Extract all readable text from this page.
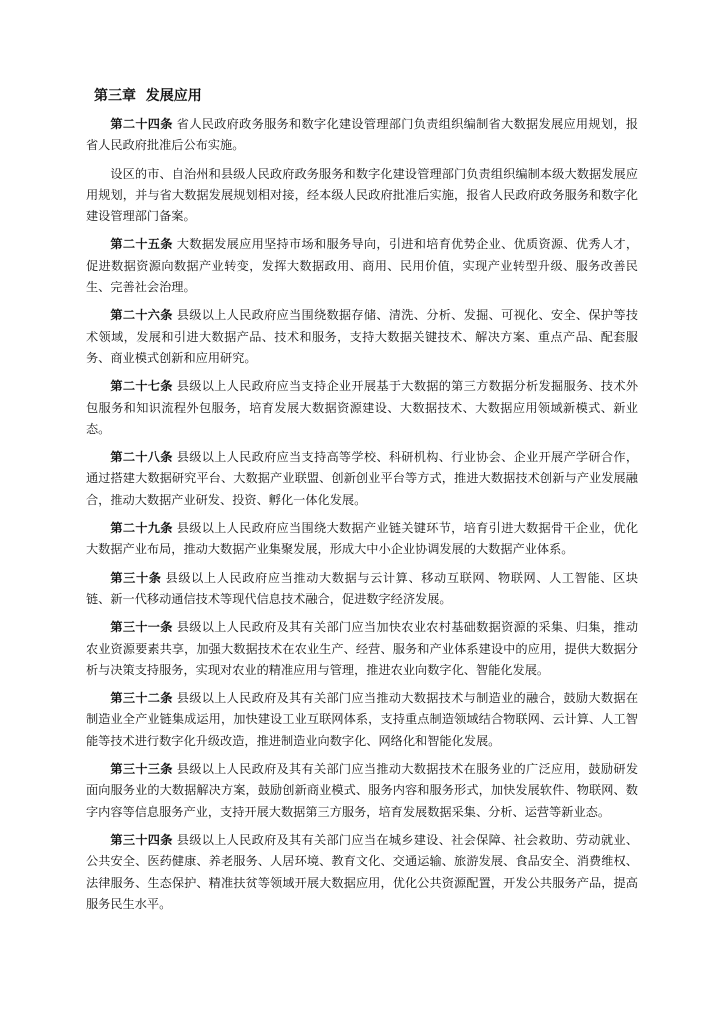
第三章  发展应用

第二十四条 省人民政府政务服务和数字化建设管理部门负责组织编制省大数据发展应用规划，报省人民政府批准后公布实施。

设区的市、自治州和县级人民政府政务服务和数字化建设管理部门负责组织编制本级大数据发展应用规划，并与省大数据发展规划相对接，经本级人民政府批准后实施，报省人民政府政务服务和数字化建设管理部门备案。

第二十五条 大数据发展应用坚持市场和服务导向，引进和培育优势企业、优质资源、优秀人才，促进数据资源向数据产业转变，发挥大数据政用、商用、民用价值，实现产业转型升级、服务改善民生、完善社会治理。

第二十六条 县级以上人民政府应当围绕数据存储、清洗、分析、发掘、可视化、安全、保护等技术领域，发展和引进大数据产品、技术和服务，支持大数据关键技术、解决方案、重点产品、配套服务、商业模式创新和应用研究。

第二十七条 县级以上人民政府应当支持企业开展基于大数据的第三方数据分析发掘服务、技术外包服务和知识流程外包服务，培育发展大数据资源建设、大数据技术、大数据应用领域新模式、新业态。

第二十八条 县级以上人民政府应当支持高等学校、科研机构、行业协会、企业开展产学研合作，通过搭建大数据研究平台、大数据产业联盟、创新创业平台等方式，推进大数据技术创新与产业发展融合，推动大数据产业研发、投资、孵化一体化发展。

第二十九条 县级以上人民政府应当围绕大数据产业链关键环节，培育引进大数据骨干企业，优化大数据产业布局，推动大数据产业集聚发展，形成大中小企业协调发展的大数据产业体系。

第三十条 县级以上人民政府应当推动大数据与云计算、移动互联网、物联网、人工智能、区块链、新一代移动通信技术等现代信息技术融合，促进数字经济发展。

第三十一条 县级以上人民政府及其有关部门应当加快农业农村基础数据资源的采集、归集，推动农业资源要素共享，加强大数据技术在农业生产、经营、服务和产业体系建设中的应用，提供大数据分析与决策支持服务，实现对农业的精准应用与管理，推进农业向数字化、智能化发展。

第三十二条 县级以上人民政府及其有关部门应当推动大数据技术与制造业的融合，鼓励大数据在制造业全产业链集成运用，加快建设工业互联网体系，支持重点制造领域结合物联网、云计算、人工智能等技术进行数字化升级改造，推进制造业向数字化、网络化和智能化发展。

第三十三条 县级以上人民政府及其有关部门应当推动大数据技术在服务业的广泛应用，鼓励研发面向服务业的大数据解决方案，鼓励创新商业模式、服务内容和服务形式，加快发展软件、物联网、数字内容等信息服务产业，支持开展大数据第三方服务，培育发展数据采集、分析、运营等新业态。

第三十四条 县级以上人民政府及其有关部门应当在城乡建设、社会保障、社会救助、劳动就业、公共安全、医药健康、养老服务、人居环境、教育文化、交通运输、旅游发展、食品安全、消费维权、法律服务、生态保护、精准扶贫等领域开展大数据应用，优化公共资源配置，开发公共服务产品，提高服务民生水平。
